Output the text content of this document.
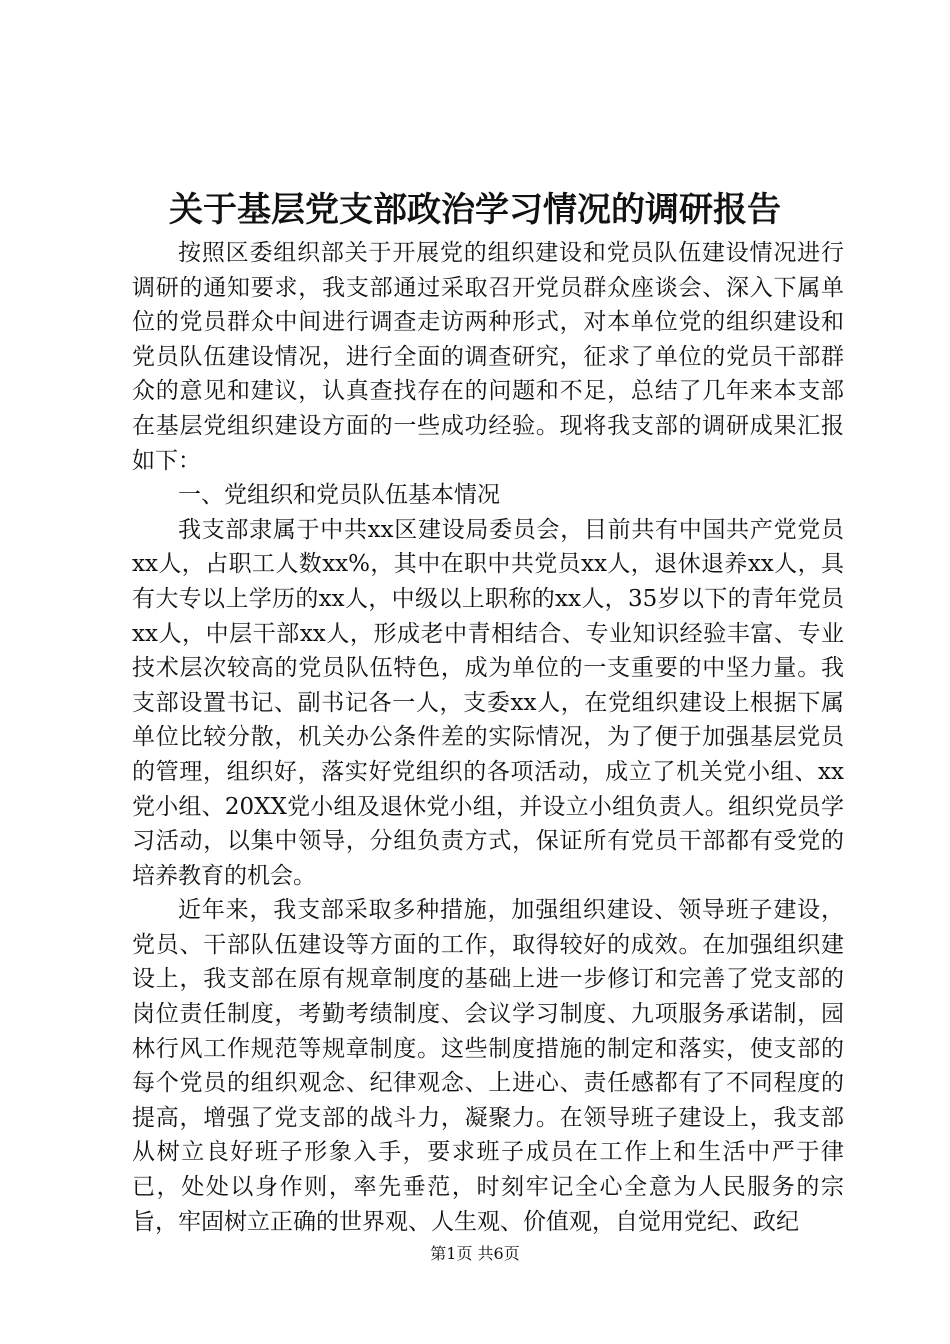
关于基层党支部政治学习情况的调研报告

按照区委组织部关于开展党的组织建设和党员队伍建设情况进行调研的通知要求，我支部通过采取召开党员群众座谈会、深入下属单位的党员群众中间进行调查走访两种形式，对本单位党的组织建设和党员队伍建设情况，进行全面的调查研究，征求了单位的党员干部群众的意见和建议，认真查找存在的问题和不足，总结了几年来本支部在基层党组织建设方面的一些成功经验。现将我支部的调研成果汇报如下：

一、党组织和党员队伍基本情况

我支部隶属于中共xx区建设局委员会，目前共有中国共产党党员xx人，占职工人数xx%，其中在职中共党员xx人，退休退养xx人，具有大专以上学历的xx人，中级以上职称的xx人，35岁以下的青年党员xx人，中层干部xx人，形成老中青相结合、专业知识经验丰富、专业技术层次较高的党员队伍特色，成为单位的一支重要的中坚力量。我支部设置书记、副书记各一人，支委xx人，在党组织建设上根据下属单位比较分散，机关办公条件差的实际情况，为了便于加强基层党员的管理，组织好，落实好党组织的各项活动，成立了机关党小组、xx党小组、20XX党小组及退休党小组，并设立小组负责人。组织党员学习活动，以集中领导，分组负责方式，保证所有党员干部都有受党的培养教育的机会。

近年来，我支部采取多种措施，加强组织建设、领导班子建设，党员、干部队伍建设等方面的工作，取得较好的成效。在加强组织建设上，我支部在原有规章制度的基础上进一步修订和完善了党支部的岗位责任制度，考勤考绩制度、会议学习制度、九项服务承诺制，园林行风工作规范等规章制度。这些制度措施的制定和落实，使支部的每个党员的组织观念、纪律观念、上进心、责任感都有了不同程度的提高，增强了党支部的战斗力，凝聚力。在领导班子建设上，我支部从树立良好班子形象入手，要求班子成员在工作上和生活中严于律已，处处以身作则，率先垂范，时刻牢记全心全意为人民服务的宗旨，牢固树立正确的世界观、人生观、价值观，自觉用党纪、政纪

第1页 共6页
